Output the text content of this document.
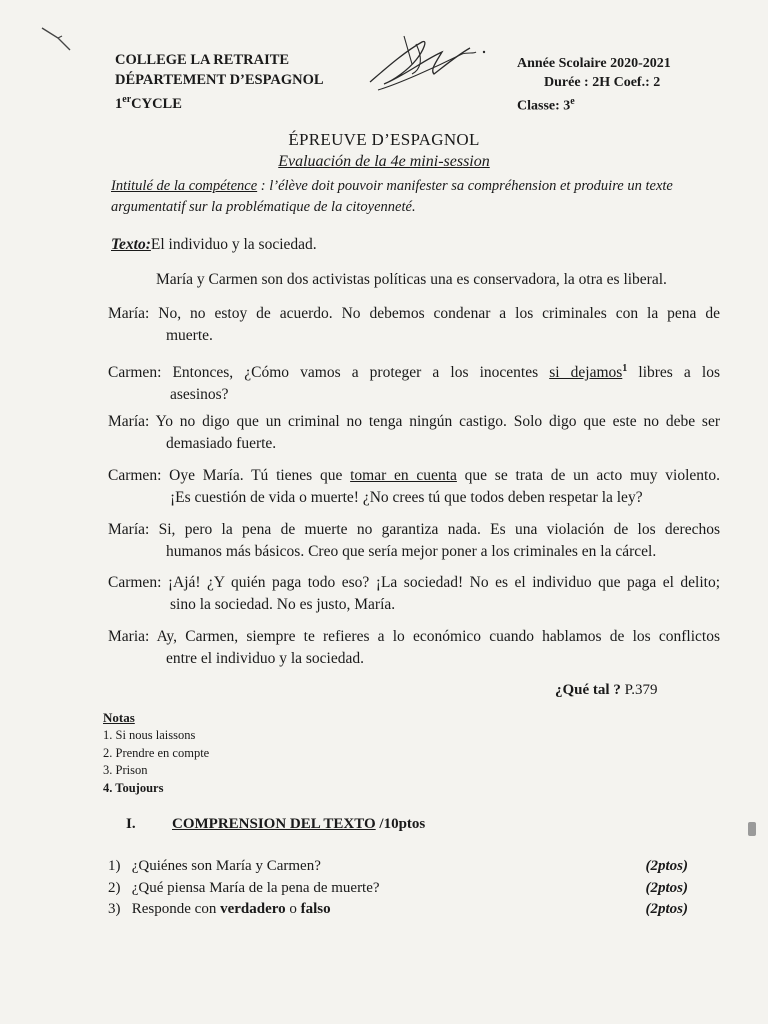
COLLEGE LA RETRAITE
DÉPARTEMENT D’ESPAGNOL
1erCYCLE
Année Scolaire 2020-2021
Durée : 2H Coef.: 2
Classe: 3e
ÉPREUVE D’ESPAGNOL
Evaluación de la 4e mini-session
Intitulé de la compétence : l’élève doit pouvoir manifester sa compréhension et produire un texte argumentatif sur la problématique de la citoyenneté.
Texto:El individuo y la sociedad.
María y Carmen son dos activistas políticas una es conservadora, la otra es liberal.
María: No, no estoy de acuerdo. No debemos condenar a los criminales con la pena de
muerte.
Carmen: Entonces, ¿Cómo vamos a proteger a los inocentes si dejamos$^1$ libres a los
asesinos?
María: Yo no digo que un criminal no tenga ningún castigo. Solo digo que este no debe ser
demasiado fuerte.
Carmen: Oye María. Tú tienes que tomar en cuenta que se trata de un acto muy violento.
¡Es cuestión de vida o muerte! ¿No crees tú que todos deben respetar la ley?
María: Si, pero la pena de muerte no garantiza nada. Es una violación de los derechos
humanos más básicos. Creo que sería mejor poner a los criminales en la cárcel.
Carmen: ¡Ajá! ¿Y quién paga todo eso? ¡La sociedad! No es el individuo que paga el delito;
sino la sociedad. No es justo, María.
Maria: Ay, Carmen, siempre te refieres a lo económico cuando hablamos de los conflictos
entre el individuo y la sociedad.
¿Qué tal ? P.379
Notas
1. Si nous laissons
2. Prendre en compte
3. Prison
4. Toujours
I. COMPRENSION DEL TEXTO /10ptos
1) ¿Quiénes son María y Carmen?	(2ptos)
2) ¿Qué piensa María de la pena de muerte?	(2ptos)
3) Responde con verdadero o falso	(2ptos)
